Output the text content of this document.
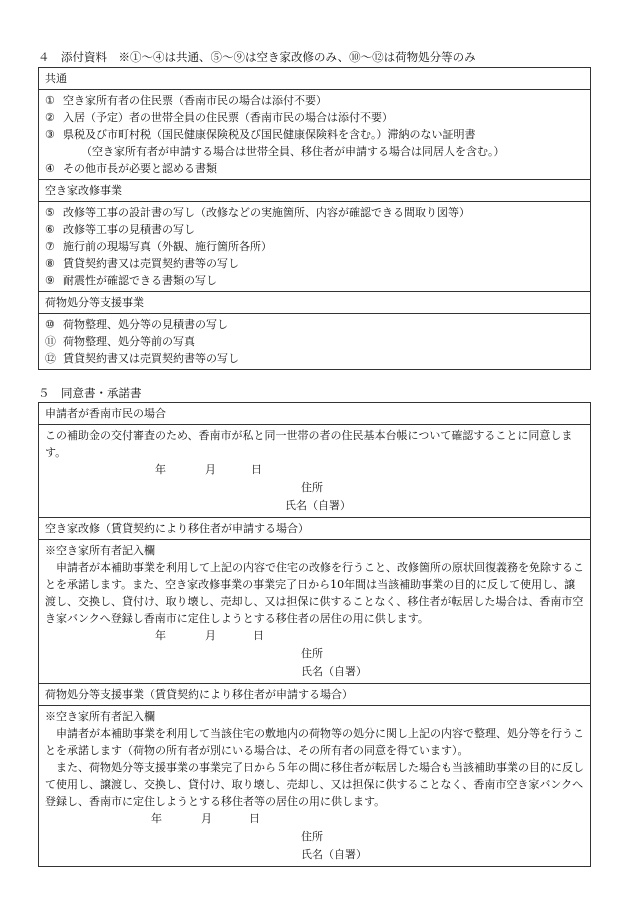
４　添付資料　※①～④は共通、⑤～⑨は空き家改修のみ、⑩～⑫は荷物処分等のみ
共通

① 空き家所有者の住民票（香南市民の場合は添付不要）
② 入居（予定）者の世帯全員の住民票（香南市民の場合は添付不要）
③ 県税及び市町村税（国民健康保険税及び国民健康保険料を含む。）滞納のない証明書
（空き家所有者が申請する場合は世帯全員、移住者が申請する場合は同居人を含む。）
④ その他市長が必要と認める書類

空き家改修事業

⑤ 改修等工事の設計書の写し（改修などの実施箇所、内容が確認できる間取り図等）
⑥ 改修等工事の見積書の写し
⑦ 施行前の現場写真（外観、施行箇所各所）
⑧ 賃貸契約書又は売買契約書等の写し
⑨ 耐震性が確認できる書類の写し

荷物処分等支援事業

⑩ 荷物整理、処分等の見積書の写し
⑪ 荷物整理、処分等前の写真
⑫ 賃貸契約書又は売買契約書等の写し
５　同意書・承諾書
申請者が香南市民の場合

この補助金の交付審査のため、香南市が私と同一世帯の者の住民基本台帳について確認することに同意します。
年	月	日
住所
氏名（自署）

空き家改修（賃貸契約により移住者が申請する場合）

※空き家所有者記入欄
申請者が本補助事業を利用して上記の内容で住宅の改修を行うこと、改修箇所の原状回復義務を免除することを承諾します。また、空き家改修事業の事業完了日から10年間は当該補助事業の目的に反して使用し、譲渡し、交換し、貸付け、取り壊し、売却し、又は担保に供することなく、移住者が転居した場合は、香南市空き家バンクへ登録し香南市に定住しようとする移住者の居住の用に供します。
年	月	日
住所
氏名（自署）

荷物処分等支援事業（賃貸契約により移住者が申請する場合）

※空き家所有者記入欄
申請者が本補助事業を利用して当該住宅の敷地内の荷物等の処分に関し上記の内容で整理、処分等を行うことを承諾します（荷物の所有者が別にいる場合は、その所有者の同意を得ています）。
また、荷物処分等支援事業の事業完了日から５年の間に移住者が転居した場合も当該補助事業の目的に反して使用し、譲渡し、交換し、貸付け、取り壊し、売却し、又は担保に供することなく、香南市空き家バンクへ登録し、香南市に定住しようとする移住者等の居住の用に供します。
年	月	日
住所
氏名（自署）
